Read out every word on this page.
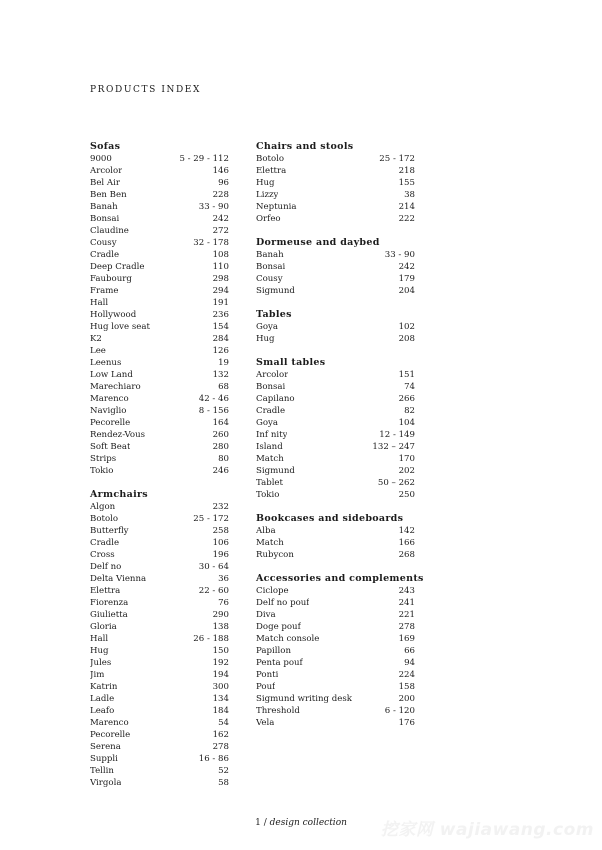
PRODUCTS INDEX
Sofas
9000	5 - 29 - 112
Arcolor	146
Bel Air	96
Ben Ben	228
Banah	33 - 90
Bonsai	242
Claudine	272
Cousy	32 - 178
Cradle	108
Deep Cradle	110
Faubourg	298
Frame	294
Hall	191
Hollywood	236
Hug love seat	154
K2	284
Lee	126
Leenus	19
Low Land	132
Marechiaro	68
Marenco	42 - 46
Naviglio	8 - 156
Pecorelle	164
Rendez-Vous	260
Soft Beat	280
Strips	80
Tokio	246
Armchairs
Algon	232
Botolo	25 - 172
Butterfly	258
Cradle	106
Cross	196
Delf no	30 - 64
Delta Vienna	36
Elettra	22 - 60
Fiorenza	76
Giulietta	290
Gloria	138
Hall	26 - 188
Hug	150
Jules	192
Jim	194
Katrin	300
Ladle	134
Leafo	184
Marenco	54
Pecorelle	162
Serena	278
Suppli	16 - 86
Tellin	52
Virgola	58
Chairs and stools
Botolo	25 - 172
Elettra	218
Hug	155
Lizzy	38
Neptunia	214
Orfeo	222
Dormeuse and daybed
Banah	33 - 90
Bonsai	242
Cousy	179
Sigmund	204
Tables
Goya	102
Hug	208
Small tables
Arcolor	151
Bonsai	74
Capilano	266
Cradle	82
Goya	104
Inf nity	12 - 149
Island	132 – 247
Match	170
Sigmund	202
Tablet	50 – 262
Tokio	250
Bookcases and sideboards
Alba	142
Match	166
Rubycon	268
Accessories and complements
Ciclope	243
Delf no pouf	241
Diva	221
Doge pouf	278
Match console	169
Papillon	66
Penta pouf	94
Ponti	224
Pouf	158
Sigmund writing desk	200
Threshold	6 - 120
Vela	176
1 / design collection	挖家网 wajiawang.com
